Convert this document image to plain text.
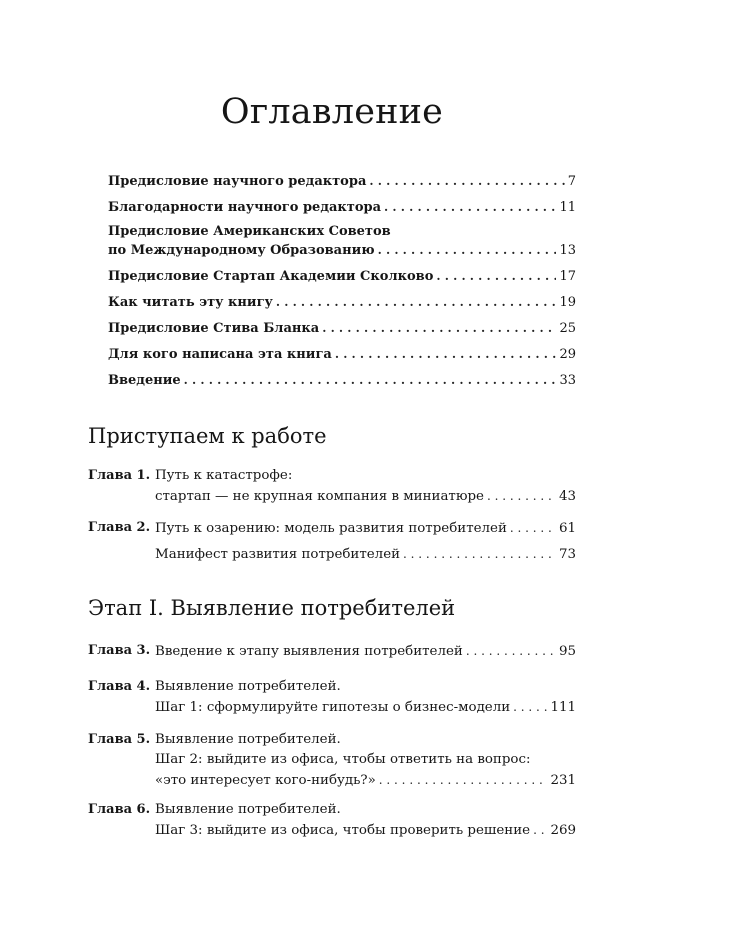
Оглавление
Предисловие научного редактора . . .	7
Благодарности научного редактора . . .	11
Предисловие Американских Советов
по Международному Образованию . . .	13
Предисловие Стартап Академии Сколково . . .	17
Как читать эту книгу . . .	19
Предисловие Стива Бланка . . .	25
Для кого написана эта книга . . .	29
Введение . . .	33
Приступаем к работе
Глава 1. Путь к катастрофе:
стартап — не крупная компания в миниатюре . . .	43
Глава 2. Путь к озарению: модель развития потребителей . . .	61
Манифест развития потребителей . . .	73
Этап I. Выявление потребителей
Глава 3. Введение к этапу выявления потребителей . . .	95
Глава 4. Выявление потребителей.
Шаг 1: сформулируйте гипотезы о бизнес-модели . . .	111
Глава 5. Выявление потребителей.
Шаг 2: выйдите из офиса, чтобы ответить на вопрос:
«это интересует кого-нибудь?» . . .	231
Глава 6. Выявление потребителей.
Шаг 3: выйдите из офиса, чтобы проверить решение . . . 269
